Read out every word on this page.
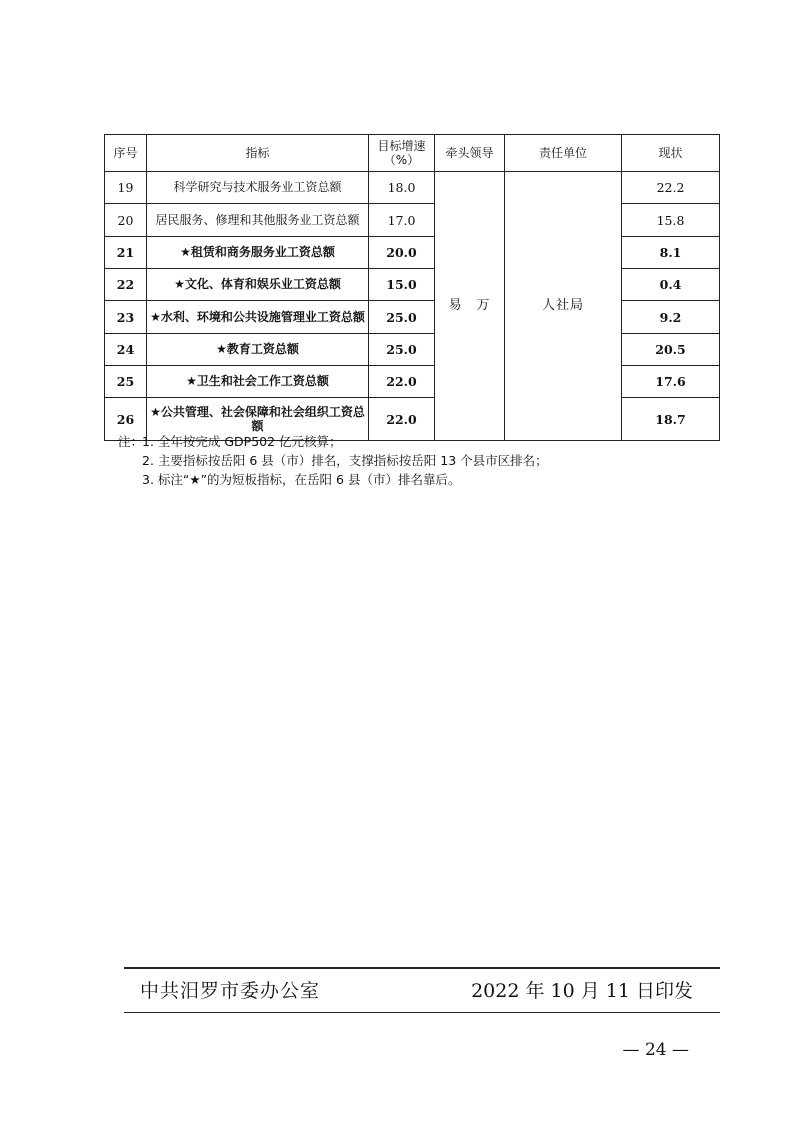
序号	指标	目标增速（%）	牵头领导	责任单位	现状
19	科学研究与技术服务业工资总额	18.0	易　万	人社局	22.2
20	居民服务、修理和其他服务业工资总额	17.0			15.8
21	★租赁和商务服务业工资总额	20.0			8.1
22	★文化、体育和娱乐业工资总额	15.0			0.4
23	★水利、环境和公共设施管理业工资总额	25.0			9.2
24	★教育工资总额	25.0			20.5
25	★卫生和社会工作工资总额	22.0			17.6
26	★公共管理、社会保障和社会组织工资总额	22.0			18.7
注：1. 全年按完成 GDP502 亿元核算；
2. 主要指标按岳阳 6 县（市）排名，支撑指标按岳阳 13 个县市区排名；
3. 标注“★”的为短板指标，在岳阳 6 县（市）排名靠后。
中共汨罗市委办公室	2022 年 10 月 11 日印发
— 24 —
